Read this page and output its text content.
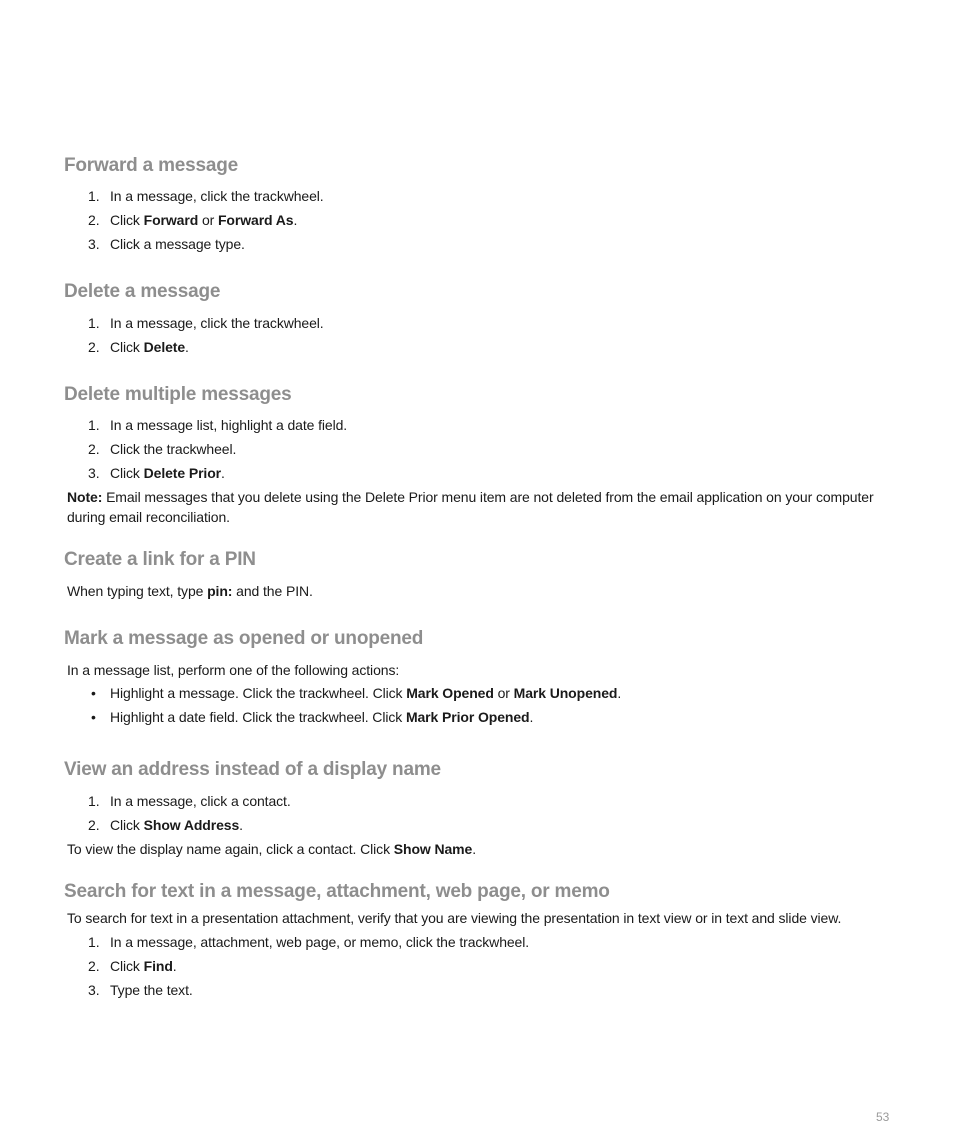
Forward a message
1. In a message, click the trackwheel.
2. Click Forward or Forward As.
3. Click a message type.
Delete a message
1. In a message, click the trackwheel.
2. Click Delete.
Delete multiple messages
1. In a message list, highlight a date field.
2. Click the trackwheel.
3. Click Delete Prior.
Note: Email messages that you delete using the Delete Prior menu item are not deleted from the email application on your computer during email reconciliation.
Create a link for a PIN
When typing text, type pin: and the PIN.
Mark a message as opened or unopened
In a message list, perform one of the following actions:
• Highlight a message. Click the trackwheel. Click Mark Opened or Mark Unopened.
• Highlight a date field. Click the trackwheel. Click Mark Prior Opened.
View an address instead of a display name
1. In a message, click a contact.
2. Click Show Address.
To view the display name again, click a contact. Click Show Name.
Search for text in a message, attachment, web page, or memo
To search for text in a presentation attachment, verify that you are viewing the presentation in text view or in text and slide view.
1. In a message, attachment, web page, or memo, click the trackwheel.
2. Click Find.
3. Type the text.
53
